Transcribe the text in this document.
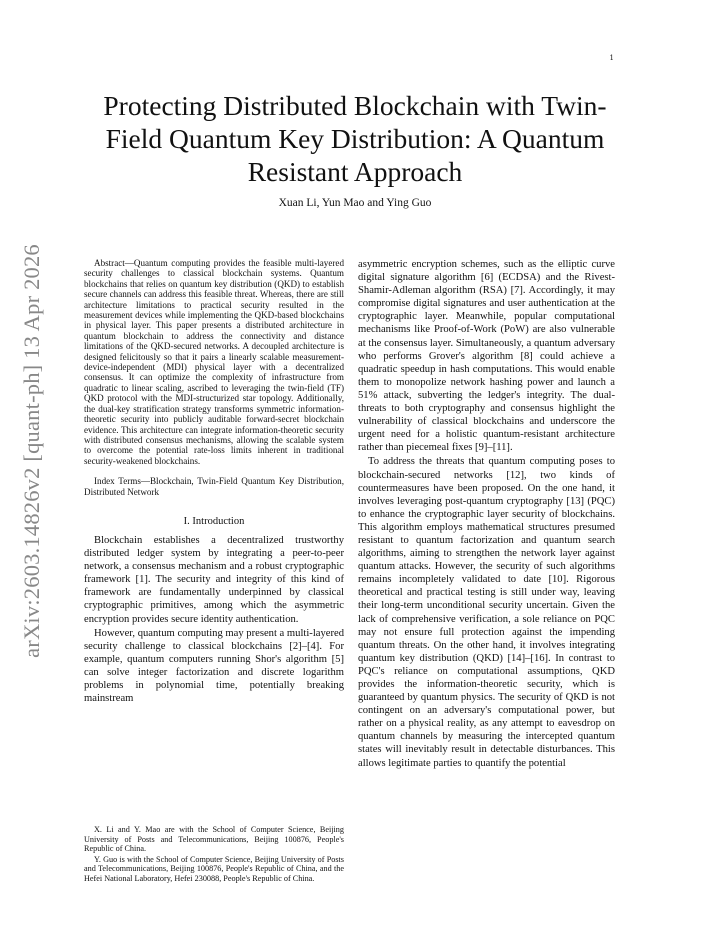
1
arXiv:2603.14826v2 [quant-ph] 13 Apr 2026
Protecting Distributed Blockchain with Twin-Field Quantum Key Distribution: A Quantum Resistant Approach
Xuan Li, Yun Mao and Ying Guo

Abstract—Quantum computing provides the feasible multi-layered security challenges to classical blockchain systems. Quantum blockchains that relies on quantum key distribution (QKD) to establish secure channels can address this feasible threat. Whereas, there are still architecture limitations to practical security resulted in the measurement devices while implementing the QKD-based blockchains in physical layer. This paper presents a distributed architecture in quantum blockchain to address the connectivity and distance limitations of the QKD-secured networks. A decoupled architecture is designed felicitously so that it pairs a linearly scalable measurement-device-independent (MDI) physical layer with a decentralized consensus. It can optimize the complexity of infrastructure from quadratic to linear scaling, ascribed to leveraging the twin-field (TF) QKD protocol with the MDI-structurized star topology. Additionally, the dual-key stratification strategy transforms symmetric information-theoretic security into publicly auditable forward-secret blockchain evidence. This architecture can integrate information-theoretic security with distributed consensus mechanisms, allowing the scalable system to overcome the potential rate-loss limits inherent in traditional security-weakened blockchains.

Index Terms—Blockchain, Twin-Field Quantum Key Distribution, Distributed Network

I. Introduction

Blockchain establishes a decentralized trustworthy distributed ledger system by integrating a peer-to-peer network, a consensus mechanism and a robust cryptographic framework [1]. The security and integrity of this kind of framework are fundamentally underpinned by classical cryptographic primitives, among which the asymmetric encryption provides secure identity authentication.

However, quantum computing may present a multi-layered security challenge to classical blockchains [2]–[4]. For example, quantum computers running Shor's algorithm [5] can solve integer factorization and discrete logarithm problems in polynomial time, potentially breaking mainstream

X. Li and Y. Mao are with the School of Computer Science, Beijing University of Posts and Telecommunications, Beijing 100876, People's Republic of China.

Y. Guo is with the School of Computer Science, Beijing University of Posts and Telecommunications, Beijing 100876, People's Republic of China, and the Hefei National Laboratory, Hefei 230088, People's Republic of China.

asymmetric encryption schemes, such as the elliptic curve digital signature algorithm [6] (ECDSA) and the Rivest-Shamir-Adleman algorithm (RSA) [7]. Accordingly, it may compromise digital signatures and user authentication at the cryptographic layer. Meanwhile, popular computational mechanisms like Proof-of-Work (PoW) are also vulnerable at the consensus layer. Simultaneously, a quantum adversary who performs Grover's algorithm [8] could achieve a quadratic speedup in hash computations. This would enable them to monopolize network hashing power and launch a 51% attack, subverting the ledger's integrity. The dual-threats to both cryptography and consensus highlight the vulnerability of classical blockchains and underscore the urgent need for a holistic quantum-resistant architecture rather than piecemeal fixes [9]–[11].

To address the threats that quantum computing poses to blockchain-secured networks [12], two kinds of countermeasures have been proposed. On the one hand, it involves leveraging post-quantum cryptography [13] (PQC) to enhance the cryptographic layer security of blockchains. This algorithm employs mathematical structures presumed resistant to quantum factorization and quantum search algorithms, aiming to strengthen the network layer against quantum attacks. However, the security of such algorithms remains incompletely validated to date [10]. Rigorous theoretical and practical testing is still under way, leaving their long-term unconditional security uncertain. Given the lack of comprehensive verification, a sole reliance on PQC may not ensure full protection against the impending quantum threats. On the other hand, it involves integrating quantum key distribution (QKD) [14]–[16]. In contrast to PQC's reliance on computational assumptions, QKD provides the information-theoretic security, which is guaranteed by quantum physics. The security of QKD is not contingent on an adversary's computational power, but rather on a physical reality, as any attempt to eavesdrop on quantum channels by measuring the intercepted quantum states will inevitably result in detectable disturbances. This allows legitimate parties to quantify the potential
